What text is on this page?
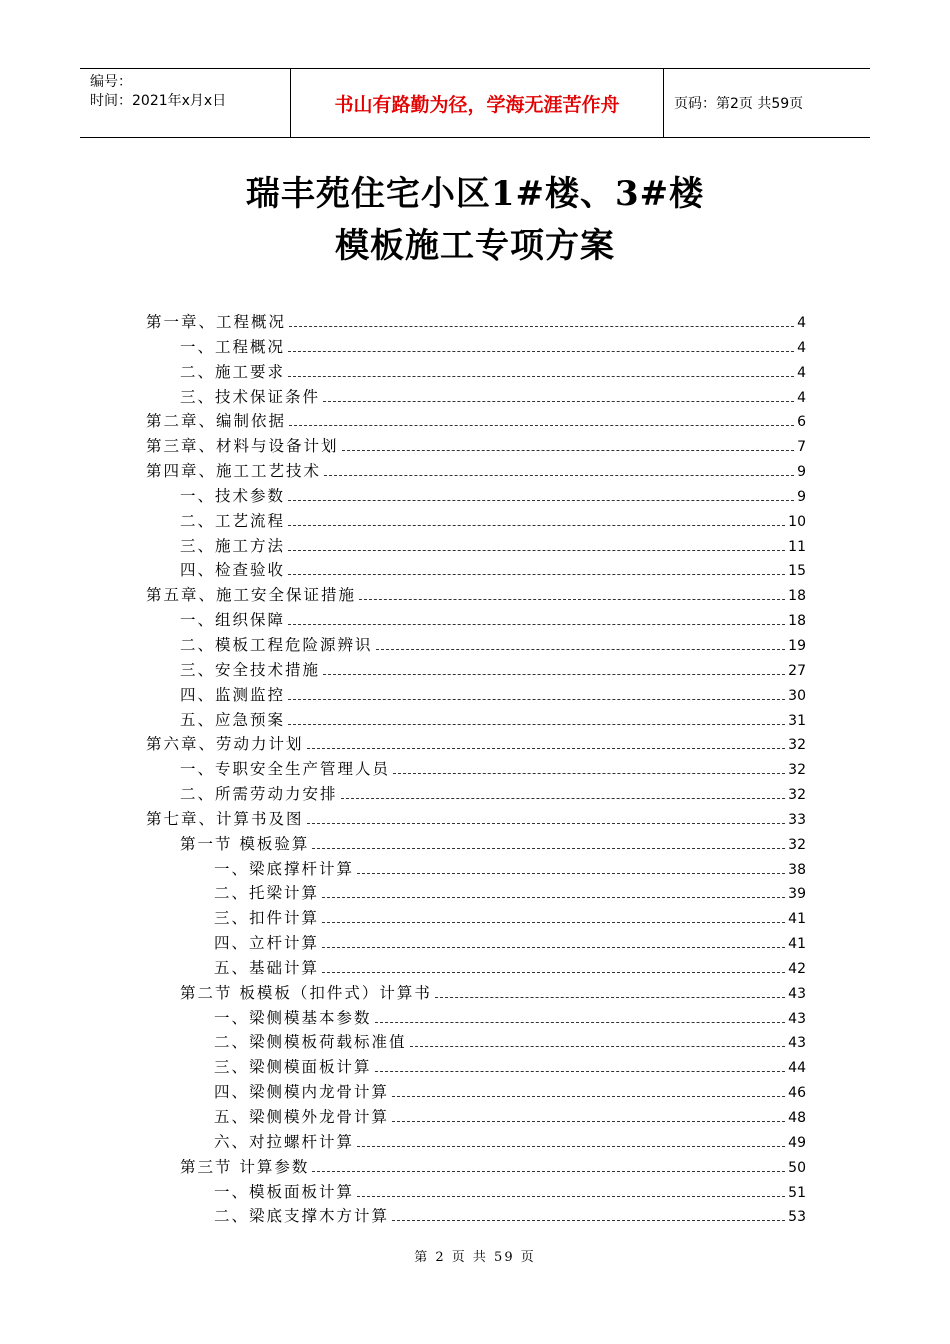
编号：
时间：2021年x月x日	书山有路勤为径，学海无涯苦作舟	页码：第2页 共59页
瑞丰苑住宅小区1#楼、3#楼
模板施工专项方案
第一章、工程概况	4
一、工程概况	4
二、施工要求	4
三、技术保证条件	4
第二章、编制依据	6
第三章、材料与设备计划	7
第四章、施工工艺技术	9
一、技术参数	9
二、工艺流程	10
三、施工方法	11
四、检查验收	15
第五章、施工安全保证措施	18
一、组织保障	18
二、模板工程危险源辨识	19
三、安全技术措施	27
四、监测监控	30
五、应急预案	31
第六章、劳动力计划	32
一、专职安全生产管理人员	32
二、所需劳动力安排	32
第七章、计算书及图	33
第一节 模板验算	32
一、梁底撑杆计算	38
二、托梁计算	39
三、扣件计算	41
四、立杆计算	41
五、基础计算	42
第二节 板模板（扣件式）计算书	43
一、梁侧模基本参数	43
二、梁侧模板荷载标准值	43
三、梁侧模面板计算	44
四、梁侧模内龙骨计算	46
五、梁侧模外龙骨计算	48
六、对拉螺杆计算	49
第三节 计算参数	50
一、模板面板计算	51
二、梁底支撑木方计算	53
第 2 页 共 59 页
